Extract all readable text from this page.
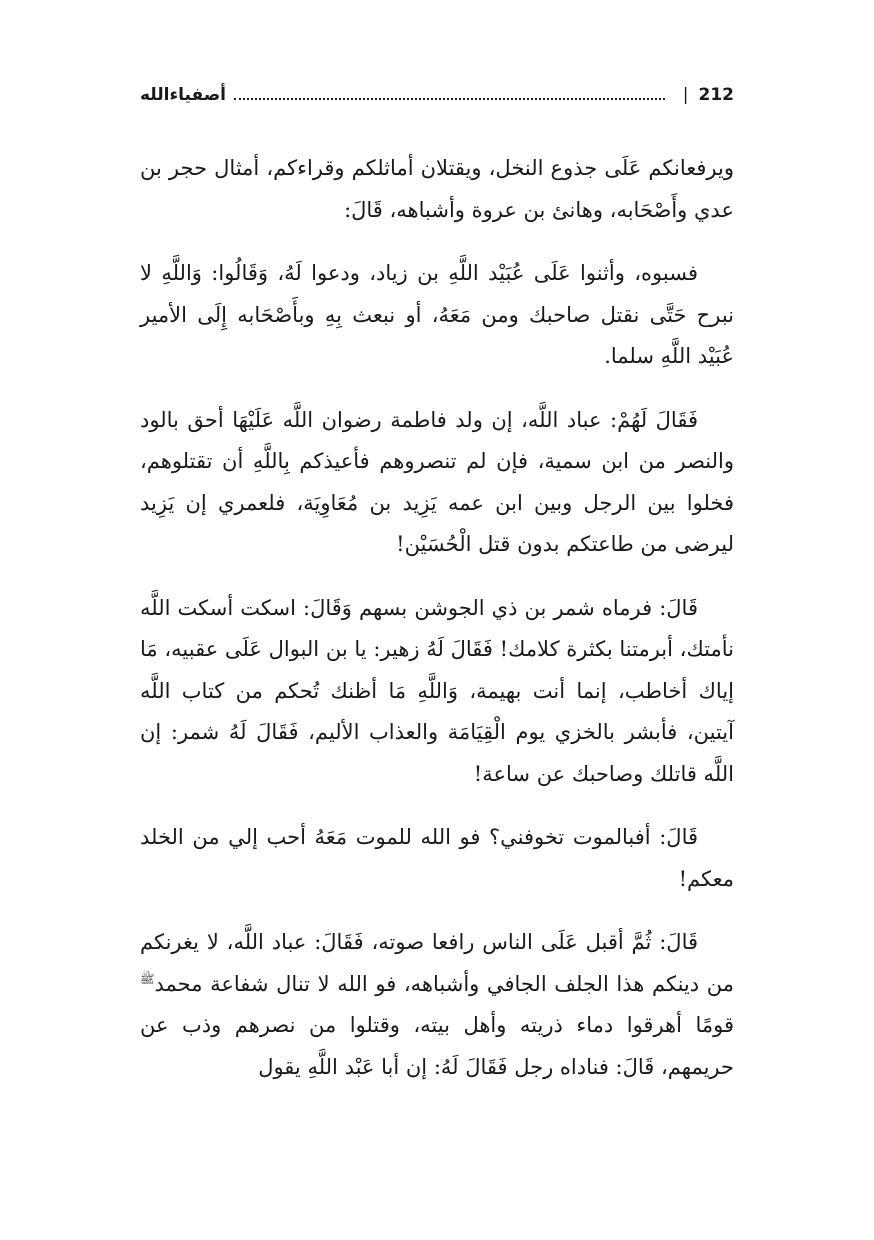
212
|
أصفياءالله

ويرفعانكم عَلَى جذوع النخل، ويقتلان أماثلكم وقراءكم، أمثال حجر بن عدي وأَصْحَابه، وهانئ بن عروة وأشباهه، قَالَ:

فسبوه، وأثنوا عَلَى عُبَيْد اللَّهِ بن زياد، ودعوا لَهُ، وَقَالُوا: وَاللَّهِ لا نبرح حَتَّى نقتل صاحبك ومن مَعَهُ، أو نبعث بِهِ وبأَصْحَابه إِلَى الأمير عُبَيْد اللَّهِ سلما.

فَقَالَ لَهُمْ: عباد اللَّه، إن ولد فاطمة رضوان اللَّه عَلَيْهَا أحق بالود والنصر من ابن سمية، فإن لم تنصروهم فأعيذكم بِاللَّهِ أن تقتلوهم، فخلوا بين الرجل وبين ابن عمه يَزِيد بن مُعَاوِيَة، فلعمري إن يَزِيد ليرضى من طاعتكم بدون قتل الْحُسَيْن!

قَالَ: فرماه شمر بن ذي الجوشن بسهم وَقَالَ: اسكت أسكت اللَّه نأمتك، أبرمتنا بكثرة كلامك! فَقَالَ لَهُ زهير: يا بن البوال عَلَى عقبيه، مَا إياك أخاطب، إنما أنت بهيمة، وَاللَّهِ مَا أظنك تُحكم من كتاب اللَّه آيتين، فأبشر بالخزي يوم الْقِيَامَة والعذاب الأليم، فَقَالَ لَهُ شمر: إن اللَّه قاتلك وصاحبك عن ساعة!

قَالَ: أفبالموت تخوفني؟ فو الله للموت مَعَهُ أحب إلي من الخلد معكم!

قَالَ: ثُمَّ أقبل عَلَى الناس رافعا صوته، فَقَالَ: عباد اللَّه، لا يغرنكم من دينكم هذا الجلف الجافي وأشباهه، فو الله لا تنال شفاعة محمد$^ﷺ$ قومًا أهرقوا دماء ذريته وأهل بيته، وقتلوا من نصرهم وذب عن حريمهم، قَالَ: فناداه رجل فَقَالَ لَهُ: إن أبا عَبْد اللَّهِ يقول
